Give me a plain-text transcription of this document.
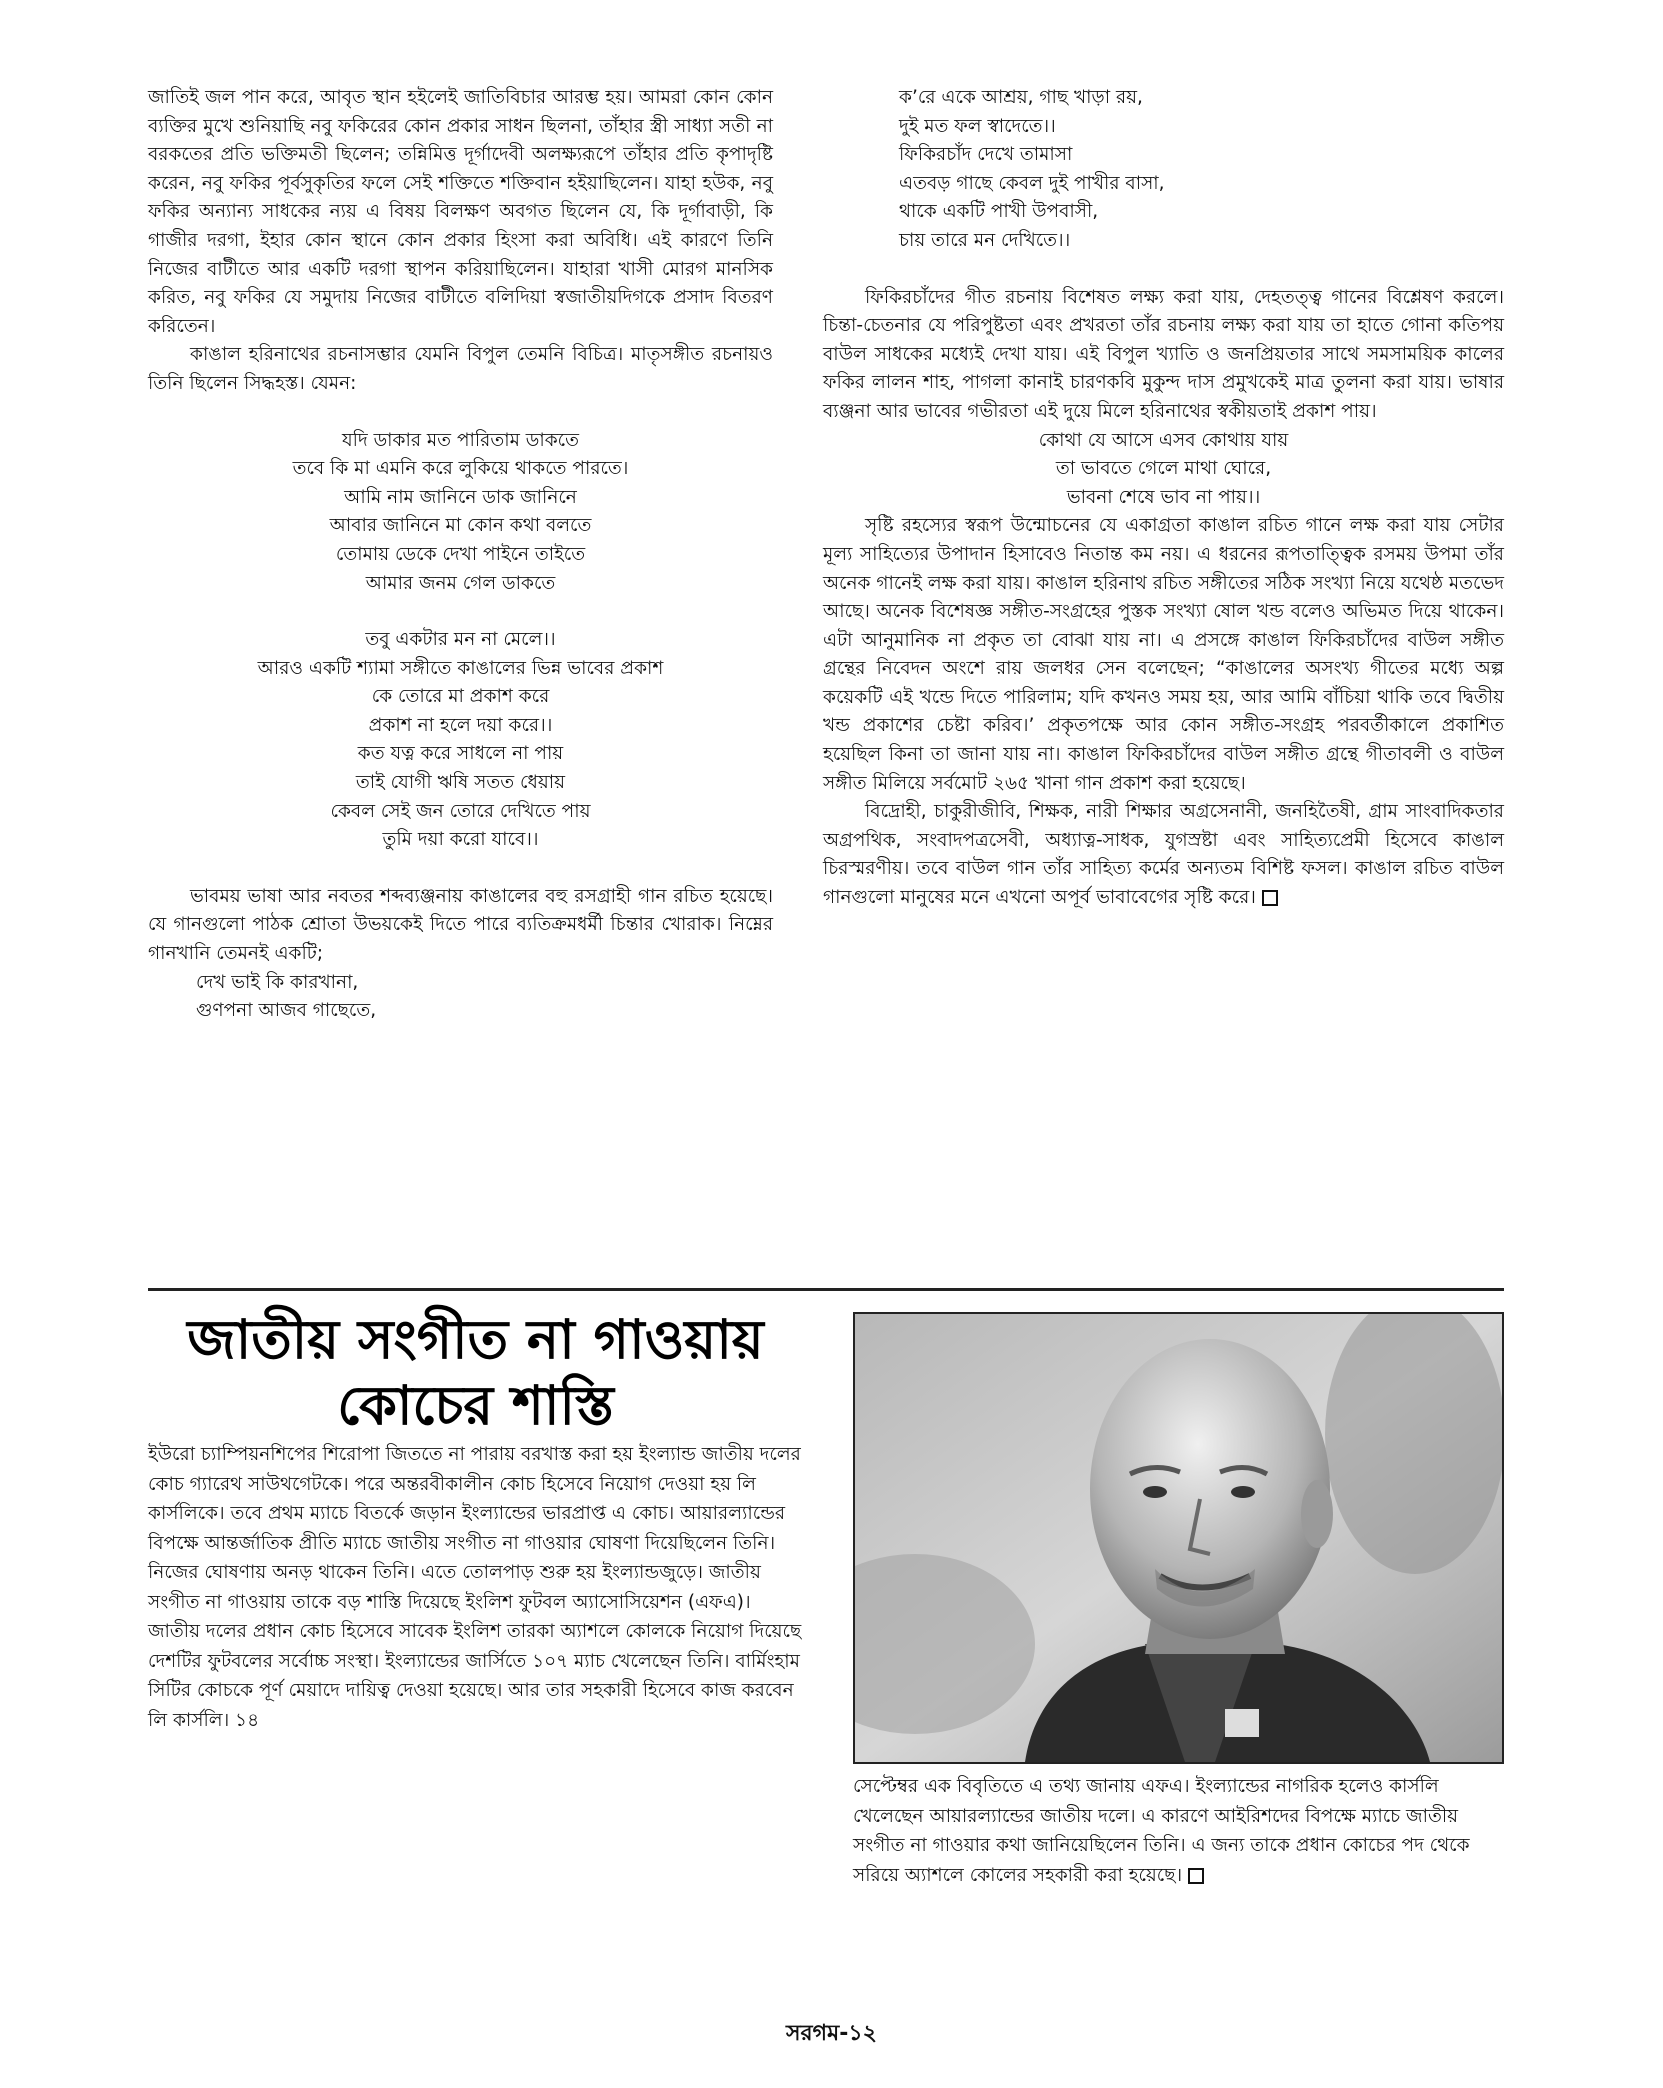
জাতিই জল পান করে, আবৃত স্থান হইলেই জাতিবিচার আরম্ভ হয়। আমরা কোন কোন ব্যক্তির মুখে শুনিয়াছি নবু ফকিরের কোন প্রকার সাধন ছিলনা, তাঁহার স্ত্রী সাধ্যা সতী না বরকতের প্রতি ভক্তিমতী ছিলেন; তন্নিমিত্ত দূর্গাদেবী অলক্ষ্যরূপে তাঁহার প্রতি কৃপাদৃষ্টি করেন, নবু ফকির পূর্বসুকৃতির ফলে সেই শক্তিতে শক্তিবান হইয়াছিলেন। যাহা হউক, নবু ফকির অন্যান্য সাধকের ন্যয় এ বিষয় বিলক্ষণ অবগত ছিলেন যে, কি দূর্গাবাড়ী, কি গাজীর দরগা, ইহার কোন স্থানে কোন প্রকার হিংসা করা অবিধি। এই কারণে তিনি নিজের বাটীতে আর একটি দরগা স্থাপন করিয়াছিলেন। যাহারা খাসী মোরগ মানসিক করিত, নবু ফকির যে সমুদায় নিজের বাটীতে বলিদিয়া স্বজাতীয়দিগকে প্রসাদ বিতরণ করিতেন।

কাঙাল হরিনাথের রচনাসম্ভার যেমনি বিপুল তেমনি বিচিত্র। মাতৃসঙ্গীত রচনায়ও তিনি ছিলেন সিদ্ধহস্ত। যেমন:

যদি ডাকার মত পারিতাম ডাকতে
তবে কি মা এমনি করে লুকিয়ে থাকতে পারতে।
আমি নাম জানিনে ডাক জানিনে
আবার জানিনে মা কোন কথা বলতে
তোমায় ডেকে দেখা পাইনে তাইতে
আমার জনম গেল ডাকতে
তবু একটার মন না মেলে।।
আরও একটি শ্যামা সঙ্গীতে কাঙালের ভিন্ন ভাবের প্রকাশ
কে তোরে মা প্রকাশ করে
প্রকাশ না হলে দয়া করে।।
কত যত্ন করে সাধলে না পায়
তাই যোগী ঋষি সতত ধেয়ায়
কেবল সেই জন তোরে দেখিতে পায়
তুমি দয়া করো যাবে।।

ভাবময় ভাষা আর নবতর শব্দব্যঞ্জনায় কাঙালের বহু রসগ্রাহী গান রচিত হয়েছে। যে গানগুলো পাঠক শ্রোতা উভয়কেই দিতে পারে ব্যতিক্রমধর্মী চিন্তার খোরাক। নিম্নের গানখানি তেমনই একটি;

দেখ ভাই কি কারখানা,
গুণপনা আজব গাছেতে,
ক’রে একে আশ্রয়, গাছ খাড়া রয়,
দুই মত ফল স্বাদেতে।।
ফিকিরচাঁদ দেখে তামাসা
এতবড় গাছে কেবল দুই পাখীর বাসা,
থাকে একটি পাখী উপবাসী,
চায় তারে মন দেখিতে।।

ফিকিরচাঁদের গীত রচনায় বিশেষত লক্ষ্য করা যায়, দেহতত্ত্ব গানের বিশ্লেষণ করলে। চিন্তা-চেতনার যে পরিপুষ্টতা এবং প্রখরতা তাঁর রচনায় লক্ষ্য করা যায় তা হাতে গোনা কতিপয় বাউল সাধকের মধ্যেই দেখা যায়। এই বিপুল খ্যাতি ও জনপ্রিয়তার সাথে সমসাময়িক কালের ফকির লালন শাহ, পাগলা কানাই চারণকবি মুকুন্দ দাস প্রমুখকেই মাত্র তুলনা করা যায়। ভাষার ব্যঞ্জনা আর ভাবের গভীরতা এই দুয়ে মিলে হরিনাথের স্বকীয়তাই প্রকাশ পায়।

কোথা যে আসে এসব কোথায় যায়
তা ভাবতে গেলে মাথা ঘোরে,
ভাবনা শেষে ভাব না পায়।।

সৃষ্টি রহস্যের স্বরূপ উন্মোচনের যে একাগ্রতা কাঙাল রচিত গানে লক্ষ করা যায় সেটার মূল্য সাহিত্যের উপাদান হিসাবেও নিতান্ত কম নয়। এ ধরনের রূপতাত্ত্বিক রসময় উপমা তাঁর অনেক গানেই লক্ষ করা যায়। কাঙাল হরিনাথ রচিত সঙ্গীতের সঠিক সংখ্যা নিয়ে যথেষ্ঠ মতভেদ আছে। অনেক বিশেষজ্ঞ সঙ্গীত-সংগ্রহের পুস্তক সংখ্যা ষোল খন্ড বলেও অভিমত দিয়ে থাকেন। এটা আনুমানিক না প্রকৃত তা বোঝা যায় না। এ প্রসঙ্গে কাঙাল ফিকিরচাঁদের বাউল সঙ্গীত গ্রন্থের নিবেদন অংশে রায় জলধর সেন বলেছেন; “কাঙালের অসংখ্য গীতের মধ্যে অল্প কয়েকটি এই খন্ডে দিতে পারিলাম; যদি কখনও সময় হয়, আর আমি বাঁচিয়া থাকি তবে দ্বিতীয় খন্ড প্রকাশের চেষ্টা করিব।’ প্রকৃতপক্ষে আর কোন সঙ্গীত-সংগ্রহ পরবর্তীকালে প্রকাশিত হয়েছিল কিনা তা জানা যায় না। কাঙাল ফিকিরচাঁদের বাউল সঙ্গীত গ্রন্থে গীতাবলী ও বাউল সঙ্গীত মিলিয়ে সর্বমোট ২৬৫ খানা গান প্রকাশ করা হয়েছে।

বিদ্রোহী, চাকুরীজীবি, শিক্ষক, নারী শিক্ষার অগ্রসেনানী, জনহিতৈষী, গ্রাম সাংবাদিকতার অগ্রপথিক, সংবাদপত্রসেবী, অধ্যাত্ন-সাধক, যুগস্রষ্টা এবং সাহিত্যপ্রেমী হিসেবে কাঙাল চিরস্মরণীয়। তবে বাউল গান তাঁর সাহিত্য কর্মের অন্যতম বিশিষ্ট ফসল। কাঙাল রচিত বাউল গানগুলো মানুষের মনে এখনো অপূর্ব ভাবাবেগের সৃষ্টি করে।

জাতীয় সংগীত না গাওয়ায়
কোচের শাস্তি

ইউরো চ্যাম্পিয়নশিপের শিরোপা জিততে না পারায় বরখাস্ত করা হয় ইংল্যান্ড জাতীয় দলের কোচ গ্যারেথ সাউথগেটকে। পরে অন্তরবীকালীন কোচ হিসেবে নিয়োগ দেওয়া হয় লি কার্সলিকে। তবে প্রথম ম্যাচে বিতর্কে জড়ান ইংল্যান্ডের ভারপ্রাপ্ত এ কোচ। আয়ারল্যান্ডের বিপক্ষে আন্তর্জাতিক প্রীতি ম্যাচে জাতীয় সংগীত না গাওয়ার ঘোষণা দিয়েছিলেন তিনি। নিজের ঘোষণায় অনড় থাকেন তিনি। এতে তোলপাড় শুরু হয় ইংল্যান্ডজুড়ে। জাতীয় সংগীত না গাওয়ায় তাকে বড় শাস্তি দিয়েছে ইংলিশ ফুটবল অ্যাসোসিয়েশন (এফএ)।

জাতীয় দলের প্রধান কোচ হিসেবে সাবেক ইংলিশ তারকা অ্যাশলে কোলকে নিয়োগ দিয়েছে দেশটির ফুটবলের সর্বোচ্চ সংস্থা। ইংল্যান্ডের জার্সিতে ১০৭ ম্যাচ খেলেছেন তিনি। বার্মিংহাম সিটির কোচকে পূর্ণ মেয়াদে দায়িত্ব দেওয়া হয়েছে। আর তার সহকারী হিসেবে কাজ করবেন লি কার্সলি। ১৪

সেপ্টেম্বর এক বিবৃতিতে এ তথ্য জানায় এফএ। ইংল্যান্ডের নাগরিক হলেও কার্সলি খেলেছেন আয়ারল্যান্ডের জাতীয় দলে। এ কারণে আইরিশদের বিপক্ষে ম্যাচে জাতীয় সংগীত না গাওয়ার কথা জানিয়েছিলেন তিনি। এ জন্য তাকে প্রধান কোচের পদ থেকে সরিয়ে অ্যাশলে কোলের সহকারী করা হয়েছে।
সরগম-১২
